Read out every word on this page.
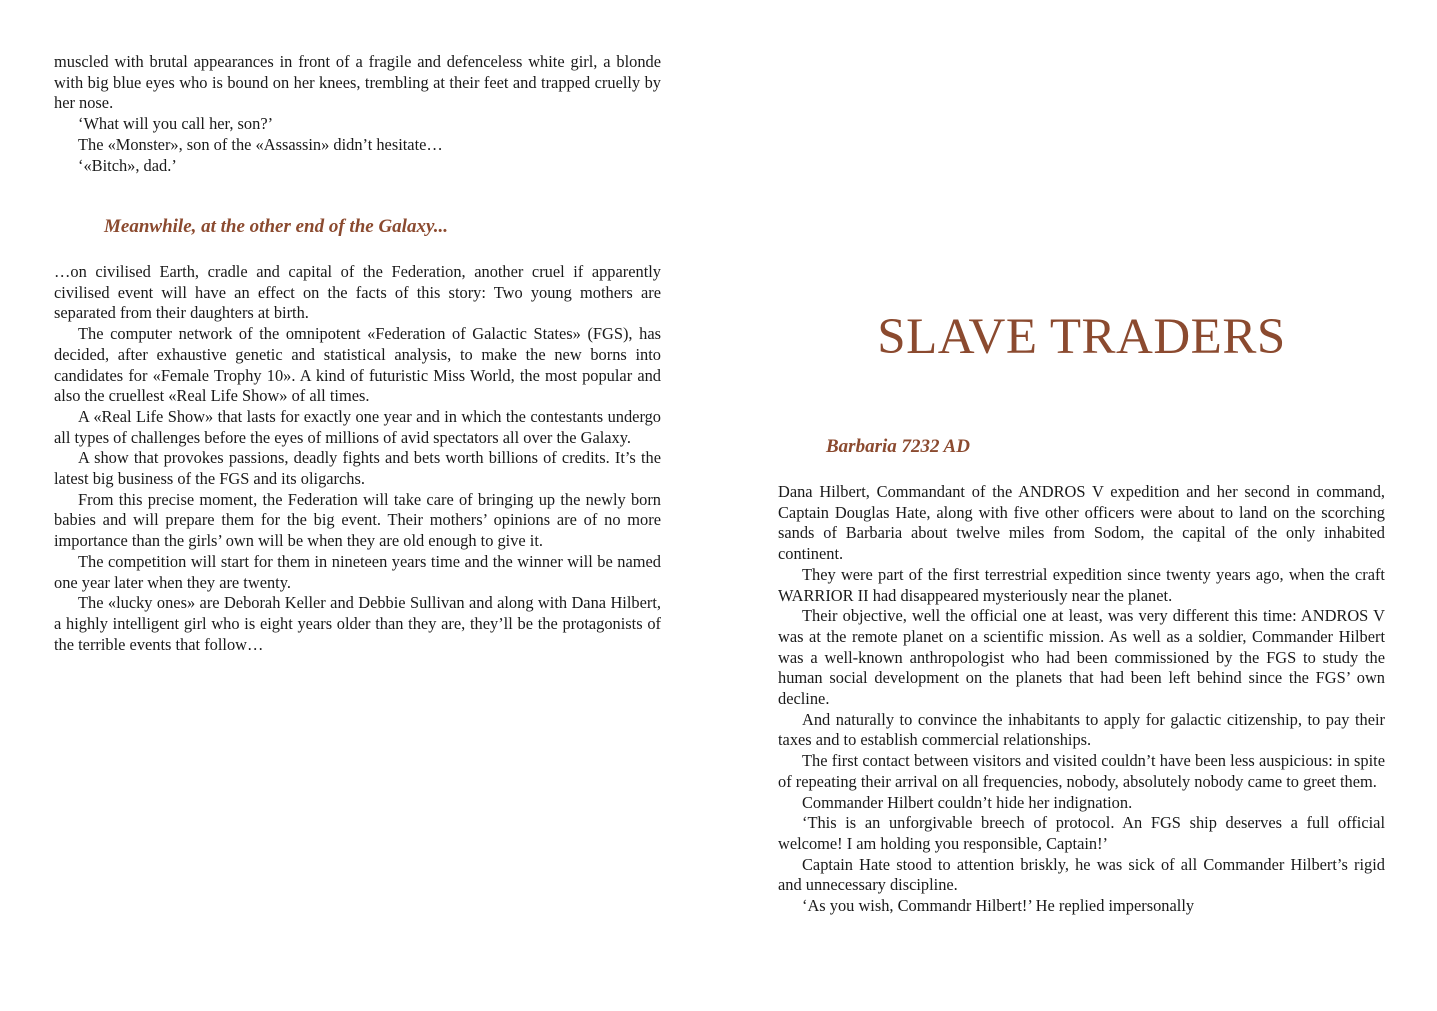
muscled with brutal appearances in front of a fragile and defenceless white girl, a blonde with big blue eyes who is bound on her knees, trembling at their feet and trapped cruelly by her nose.

‘What will you call her, son?’

The «Monster», son of the «Assassin» didn’t hesitate…

‘«Bitch», dad.’

Meanwhile, at the other end of the Galaxy...

…on civilised Earth, cradle and capital of the Federation, another cruel if apparently civilised event will have an effect on the facts of this story: Two young mothers are separated from their daughters at birth.

The computer network of the omnipotent «Federation of Galactic States» (FGS), has decided, after exhaustive genetic and statistical analysis, to make the new borns into candidates for «Female Trophy 10». A kind of futuristic Miss World, the most popular and also the cruellest «Real Life Show» of all times.

A «Real Life Show» that lasts for exactly one year and in which the contestants undergo all types of challenges before the eyes of millions of avid spectators all over the Galaxy.

A show that provokes passions, deadly fights and bets worth billions of credits. It’s the latest big business of the FGS and its oligarchs.

From this precise moment, the Federation will take care of bringing up the newly born babies and will prepare them for the big event. Their mothers’ opinions are of no more importance than the girls’ own will be when they are old enough to give it.

The competition will start for them in nineteen years time and the winner will be named one year later when they are twenty.

The «lucky ones» are Deborah Keller and Debbie Sullivan and along with Dana Hilbert, a highly intelligent girl who is eight years older than they are, they’ll be the protagonists of the terrible events that follow…

SLAVE TRADERS
Barbaria 7232 AD

Dana Hilbert, Commandant of the ANDROS V expedition and her second in command, Captain Douglas Hate, along with five other officers were about to land on the scorching sands of Barbaria about twelve miles from Sodom, the capital of the only inhabited continent.

They were part of the first terrestrial expedition since twenty years ago, when the craft WARRIOR II had disappeared mysteriously near the planet.

Their objective, well the official one at least, was very different this time: ANDROS V was at the remote planet on a scientific mission. As well as a soldier, Commander Hilbert was a well-known anthropologist who had been commissioned by the FGS to study the human social development on the planets that had been left behind since the FGS’ own decline.

And naturally to convince the inhabitants to apply for galactic citizenship, to pay their taxes and to establish commercial relationships.

The first contact between visitors and visited couldn’t have been less auspicious: in spite of repeating their arrival on all frequencies, nobody, absolutely nobody came to greet them.

Commander Hilbert couldn’t hide her indignation.

‘This is an unforgivable breech of protocol. An FGS ship deserves a full official welcome! I am holding you responsible, Captain!’

Captain Hate stood to attention briskly, he was sick of all Commander Hilbert’s rigid and unnecessary discipline.

‘As you wish, Commandr Hilbert!’ He replied impersonally
